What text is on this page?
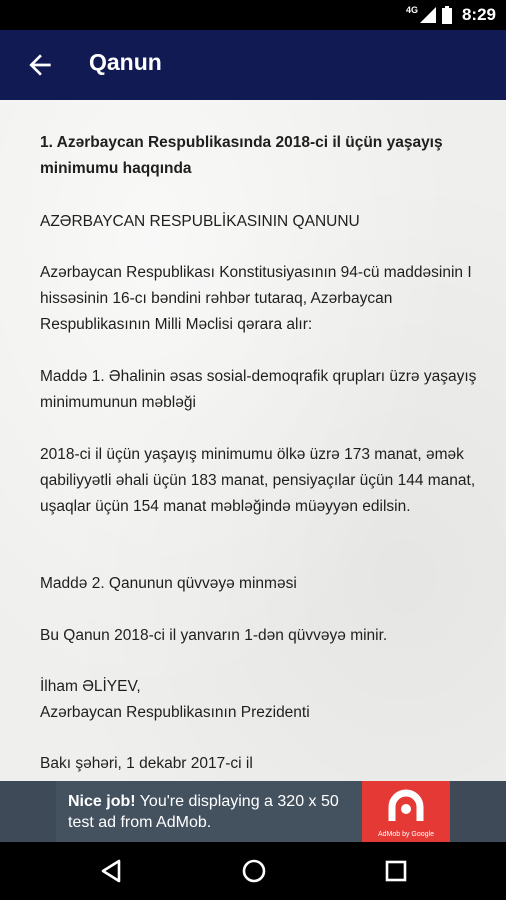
4G	8:29
Qanun
1. Azərbaycan Respublikasında 2018-ci il üçün yaşayış minimumu haqqında
AZƏRBAYCAN RESPUBLİKASININ QANUNU
Azərbaycan Respublikası Konstitusiyasının 94-cü maddəsinin I hissəsinin 16-cı bəndini rəhbər tutaraq, Azərbaycan Respublikasının Milli Məclisi qərara alır:
Maddə 1. Əhalinin əsas sosial-demoqrafik qrupları üzrə yaşayış minimumunun məbləği
2018-ci il üçün yaşayış minimumu ölkə üzrə 173 manat, əmək qabiliyyətli əhali üçün 183 manat, pensiyaçılar üçün 144 manat, uşaqlar üçün 154 manat məbləğində müəyyən edilsin.
Maddə 2. Qanunun qüvvəyə minməsi
Bu Qanun 2018-ci il yanvarın 1-dən qüvvəyə minir.
İlham ƏLİYEV,
Azərbaycan Respublikasının Prezidenti
Bakı şəhəri, 1 dekabr 2017-ci il
Nice job! You're displaying a 320 x 50 test ad from AdMob.
AdMob by Google
